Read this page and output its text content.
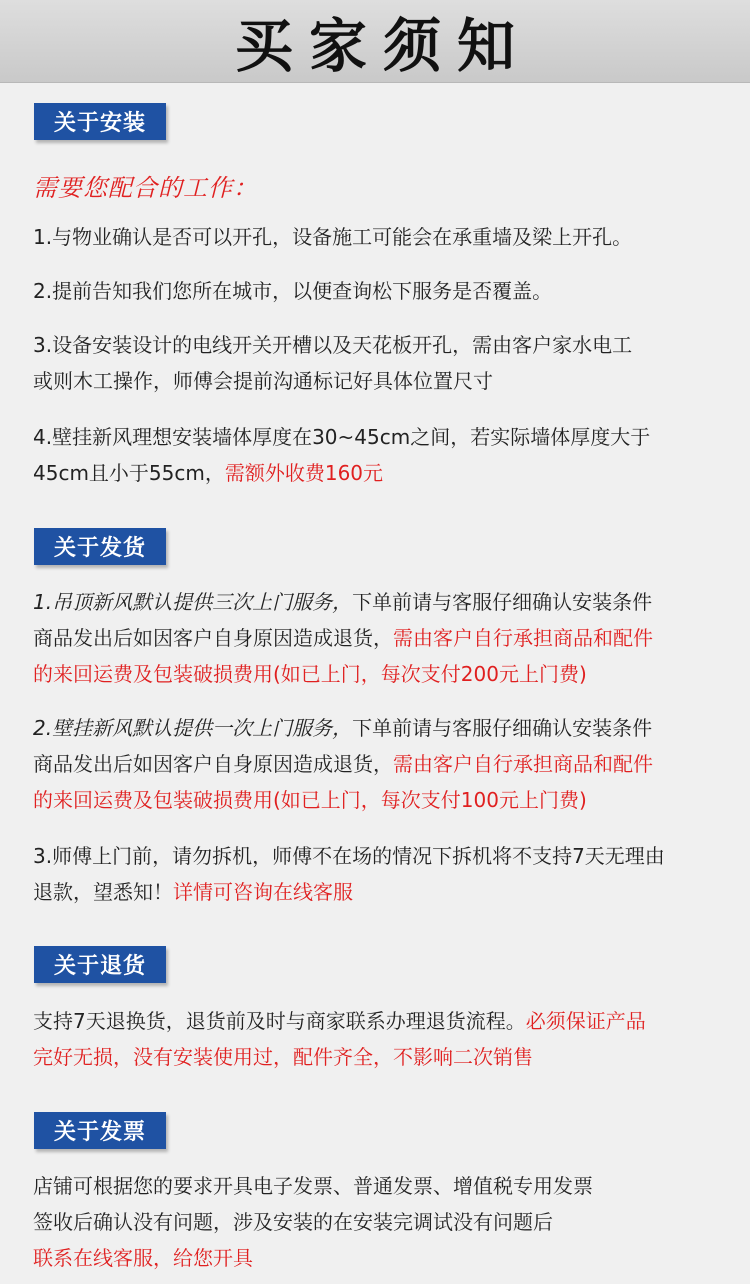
买家须知
关于安装
需要您配合的工作：
1.与物业确认是否可以开孔，设备施工可能会在承重墙及梁上开孔。
2.提前告知我们您所在城市，以便查询松下服务是否覆盖。
3.设备安装设计的电线开关开槽以及天花板开孔，需由客户家水电工
或则木工操作，师傅会提前沟通标记好具体位置尺寸
4.壁挂新风理想安装墙体厚度在30~45cm之间，若实际墙体厚度大于
45cm且小于55cm，需额外收费160元
关于发货
1.吊顶新风默认提供三次上门服务，下单前请与客服仔细确认安装条件
商品发出后如因客户自身原因造成退货，需由客户自行承担商品和配件
的来回运费及包装破损费用(如已上门，每次支付200元上门费)
2.壁挂新风默认提供一次上门服务，下单前请与客服仔细确认安装条件
商品发出后如因客户自身原因造成退货，需由客户自行承担商品和配件
的来回运费及包装破损费用(如已上门，每次支付100元上门费)
3.师傅上门前，请勿拆机，师傅不在场的情况下拆机将不支持7天无理由
退款，望悉知！详情可咨询在线客服
关于退货
支持7天退换货，退货前及时与商家联系办理退货流程。必须保证产品
完好无损，没有安装使用过，配件齐全，不影响二次销售
关于发票
店铺可根据您的要求开具电子发票、普通发票、增值税专用发票
签收后确认没有问题，涉及安装的在安装完调试没有问题后
联系在线客服，给您开具
